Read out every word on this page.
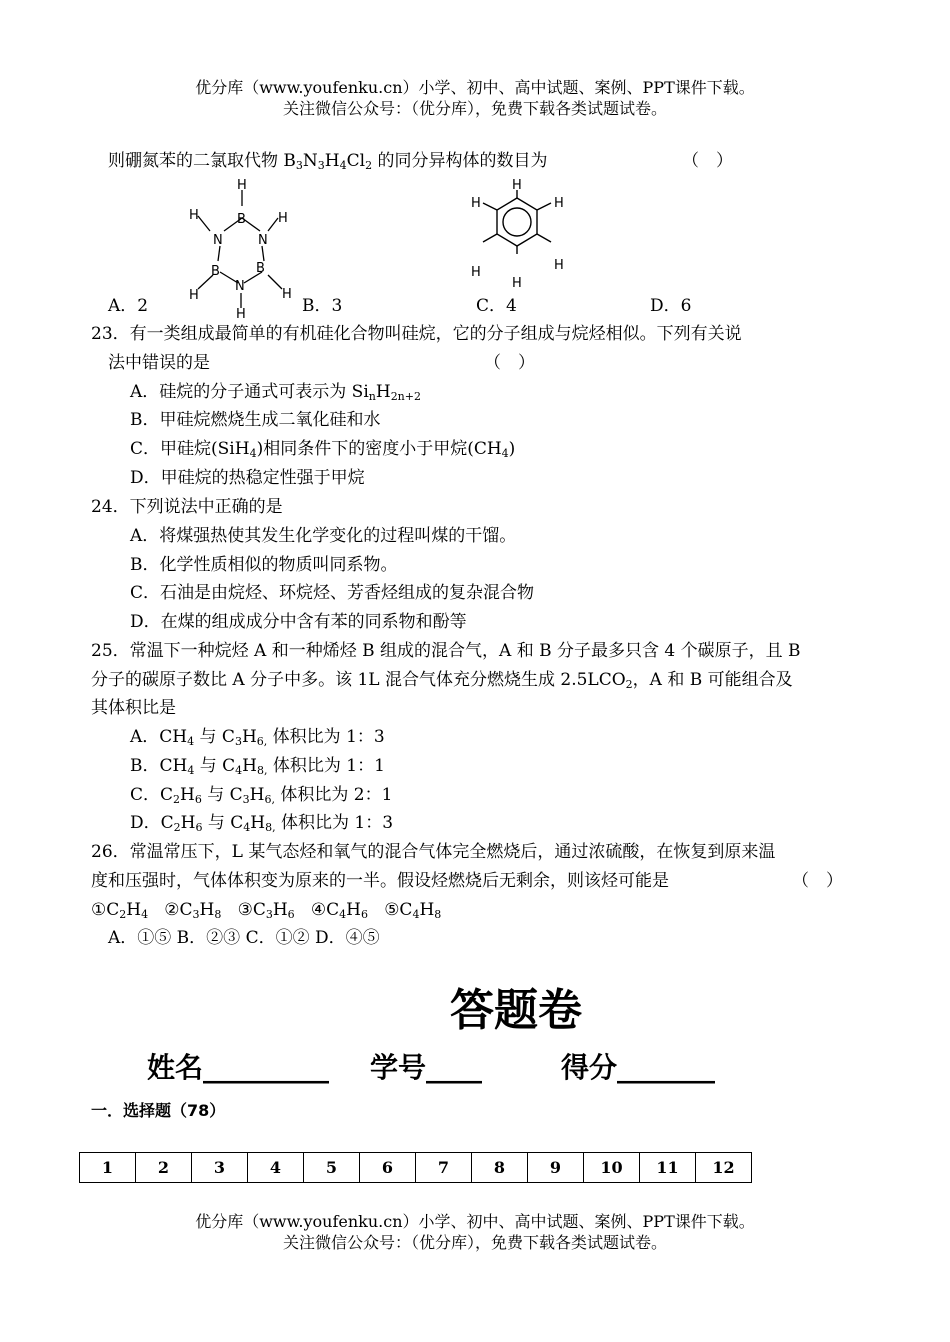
优分库（www.youfenku.cn）小学、初中、高中试题、案例、PPT课件下载。
关注微信公众号：（优分库），免费下载各类试题试卷。
则硼氮苯的二氯取代物 $B_3N_3H_4Cl_2$ 的同分异构体的数目为	（　）
H
B
H
N	N
H
B	B
N
H	H
H
H
H	H
H	H
H
A．2	B．3	C．4	D．6
23．有一类组成最简单的有机硅化合物叫硅烷，它的分子组成与烷烃相似。下列有关说
法中错误的是	（　）
A．硅烷的分子通式可表示为 $Si_nH_{2n+2}$
B．甲硅烷燃烧生成二氧化硅和水
C．甲硅烷(SiH$_4$)相同条件下的密度小于甲烷$(CH_4)$
D．甲硅烷的热稳定性强于甲烷
24．下列说法中正确的是
A．将煤强热使其发生化学变化的过程叫煤的干馏。
B．化学性质相似的物质叫同系物。
C．石油是由烷烃、环烷烃、芳香烃组成的复杂混合物
D．在煤的组成成分中含有苯的同系物和酚等
25．常温下一种烷烃 A 和一种烯烃 B 组成的混合气，A 和 B 分子最多只含 4 个碳原子，且 B
分子的碳原子数比 A 分子中多。该 1L 混合气体充分燃烧生成 $2.5LCO_2$，A 和 B 可能组合及
其体积比是
A．$CH_4$ 与 $C_3H_{6,}$ 体积比为 1：3
B．$CH_4$ 与 $C_4H_{8,}$ 体积比为 1：1
C．$C_2H_6$ 与 $C_3H_{6,}$ 体积比为 2：1
D．$C_2H_6$ 与 $C_4H_{8,}$ 体积比为 1：3
26．常温常压下，L 某气态烃和氧气的混合气体完全燃烧后，通过浓硫酸，在恢复到原来温
度和压强时，气体体积变为原来的一半。假设烃燃烧后无剩余，则该烃可能是	（　）
$①C_2H_4$ $②C_3H_8$ $③C_3H_6$ $④C_4H_6$ $⑤C_4H_8$
A．①⑤ B．②③ C．①② D．④⑤
答题卷
姓名_________ 学号____	得分_______
一．选择题（78）
1	2	3	4	5	6	7	8	9	10	11	12
优分库（www.youfenku.cn）小学、初中、高中试题、案例、PPT课件下载。
关注微信公众号：（优分库），免费下载各类试题试卷。
